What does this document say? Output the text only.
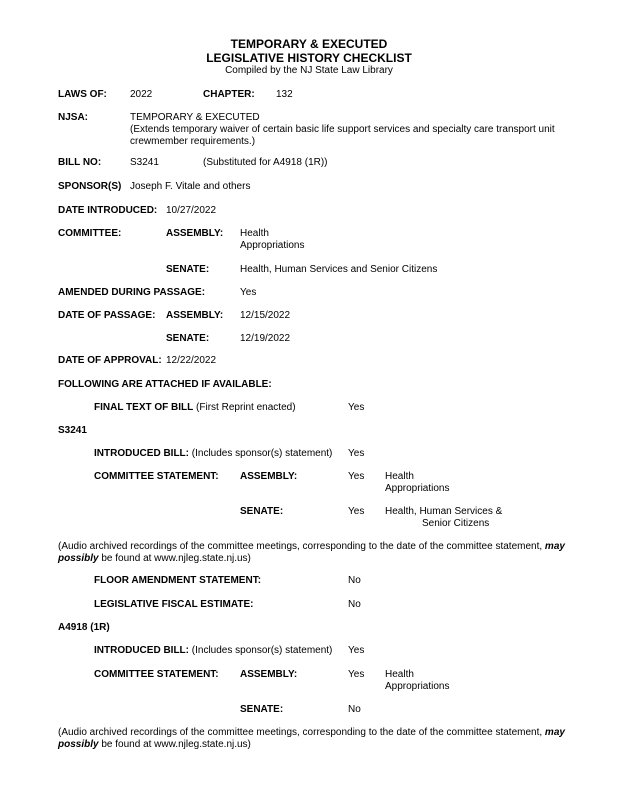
TEMPORARY & EXECUTED
LEGISLATIVE HISTORY CHECKLIST
Compiled by the NJ State Law Library
LAWS OF: 2022	CHAPTER: 132
NJSA:	TEMPORARY & EXECUTED
(Extends temporary waiver of certain basic life support services and specialty care transport unit
crewmember requirements.)
BILL NO:	S3241	(Substituted for A4918 (1R))
SPONSOR(S) Joseph F. Vitale and others
DATE INTRODUCED: 10/27/2022
COMMITTEE:	ASSEMBLY: Health
Appropriations
SENATE:	Health, Human Services and Senior Citizens
AMENDED DURING PASSAGE:	Yes
DATE OF PASSAGE: ASSEMBLY: 12/15/2022
SENATE:	12/19/2022
DATE OF APPROVAL: 12/22/2022
FOLLOWING ARE ATTACHED IF AVAILABLE:
FINAL TEXT OF BILL (First Reprint enacted)	Yes
S3241
INTRODUCED BILL: (Includes sponsor(s) statement) Yes
COMMITTEE STATEMENT: ASSEMBLY:	Yes Health
Appropriations
SENATE:	Yes Health, Human Services &
Senior Citizens
(Audio archived recordings of the committee meetings, corresponding to the date of the committee statement, may possibly be found at www.njleg.state.nj.us)
FLOOR AMENDMENT STATEMENT:	No
LEGISLATIVE FISCAL ESTIMATE:	No
A4918 (1R)
INTRODUCED BILL: (Includes sponsor(s) statement) Yes
COMMITTEE STATEMENT: ASSEMBLY:	Yes Health
Appropriations
SENATE:	No
(Audio archived recordings of the committee meetings, corresponding to the date of the committee statement, may possibly be found at www.njleg.state.nj.us)
